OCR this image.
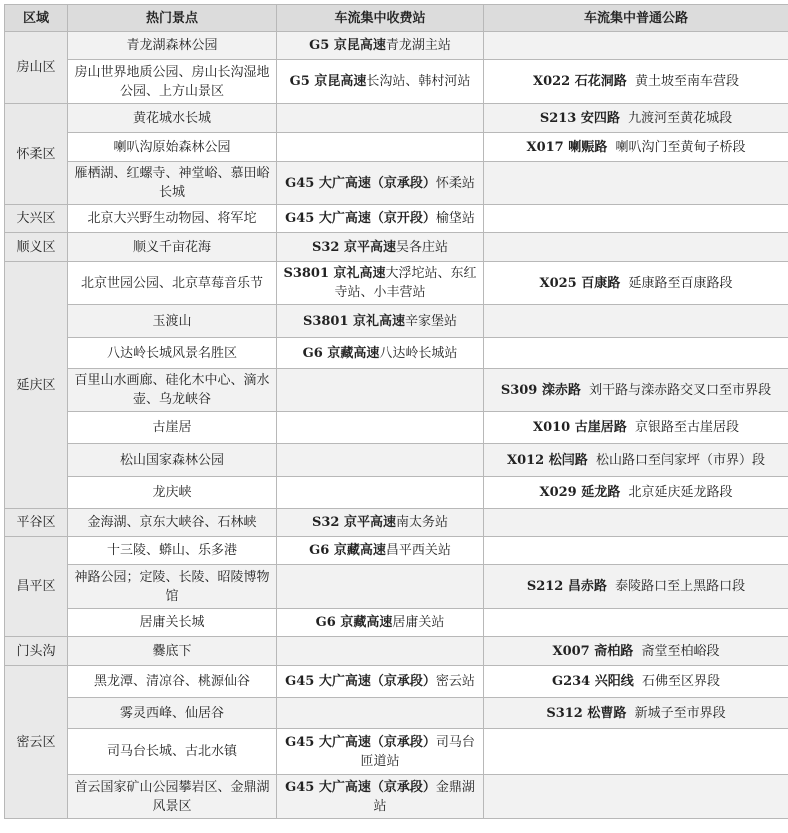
区域	热门景点	车流集中收费站	车流集中普通公路
房山区	青龙湖森林公园	G5 京昆高速青龙湖主站	
	房山世界地质公园、房山长沟湿地公园、上方山景区	G5 京昆高速长沟站、韩村河站	X022 石花洞路 黄土坡至南车营段
怀柔区	黄花城水长城		S213 安四路 九渡河至黄花城段
	喇叭沟原始森林公园		X017 喇赈路 喇叭沟门至黄甸子桥段
	雁栖湖、红螺寺、神堂峪、慕田峪长城	G45 大广高速（京承段）怀柔站	
大兴区	北京大兴野生动物园、将军坨	G45 大广高速（京开段）榆垡站	
顺义区	顺义千亩花海	S32 京平高速吴各庄站	
延庆区	北京世园公园、北京草莓音乐节	S3801 京礼高速大浮坨站、东红寺站、小丰营站	X025 百康路 延康路至百康路段
	玉渡山	S3801 京礼高速辛家堡站	
	八达岭长城风景名胜区	G6 京藏高速八达岭长城站	
	百里山水画廊、硅化木中心、滴水壶、乌龙峡谷		S309 滦赤路 刘干路与滦赤路交叉口至市界段
	古崖居		X010 古崖居路 京银路至古崖居段
	松山国家森林公园		X012 松闫路 松山路口至闫家坪（市界）段
	龙庆峡		X029 延龙路 北京延庆延龙路段
平谷区	金海湖、京东大峡谷、石林峡	S32 京平高速南太务站	
昌平区	十三陵、蟒山、乐多港	G6 京藏高速昌平西关站	
	神路公园；定陵、长陵、昭陵博物馆		S212 昌赤路 泰陵路口至上黑路口段
	居庸关长城	G6 京藏高速居庸关站	
门头沟	爨底下		X007 斋柏路 斋堂至柏峪段
密云区	黑龙潭、清凉谷、桃源仙谷	G45 大广高速（京承段）密云站	G234 兴阳线 石佛至区界段
	雾灵西峰、仙居谷		S312 松曹路 新城子至市界段
	司马台长城、古北水镇	G45 大广高速（京承段）司马台匝道站	
	首云国家矿山公园攀岩区、金鼎湖风景区	G45 大广高速（京承段）金鼎湖站	
